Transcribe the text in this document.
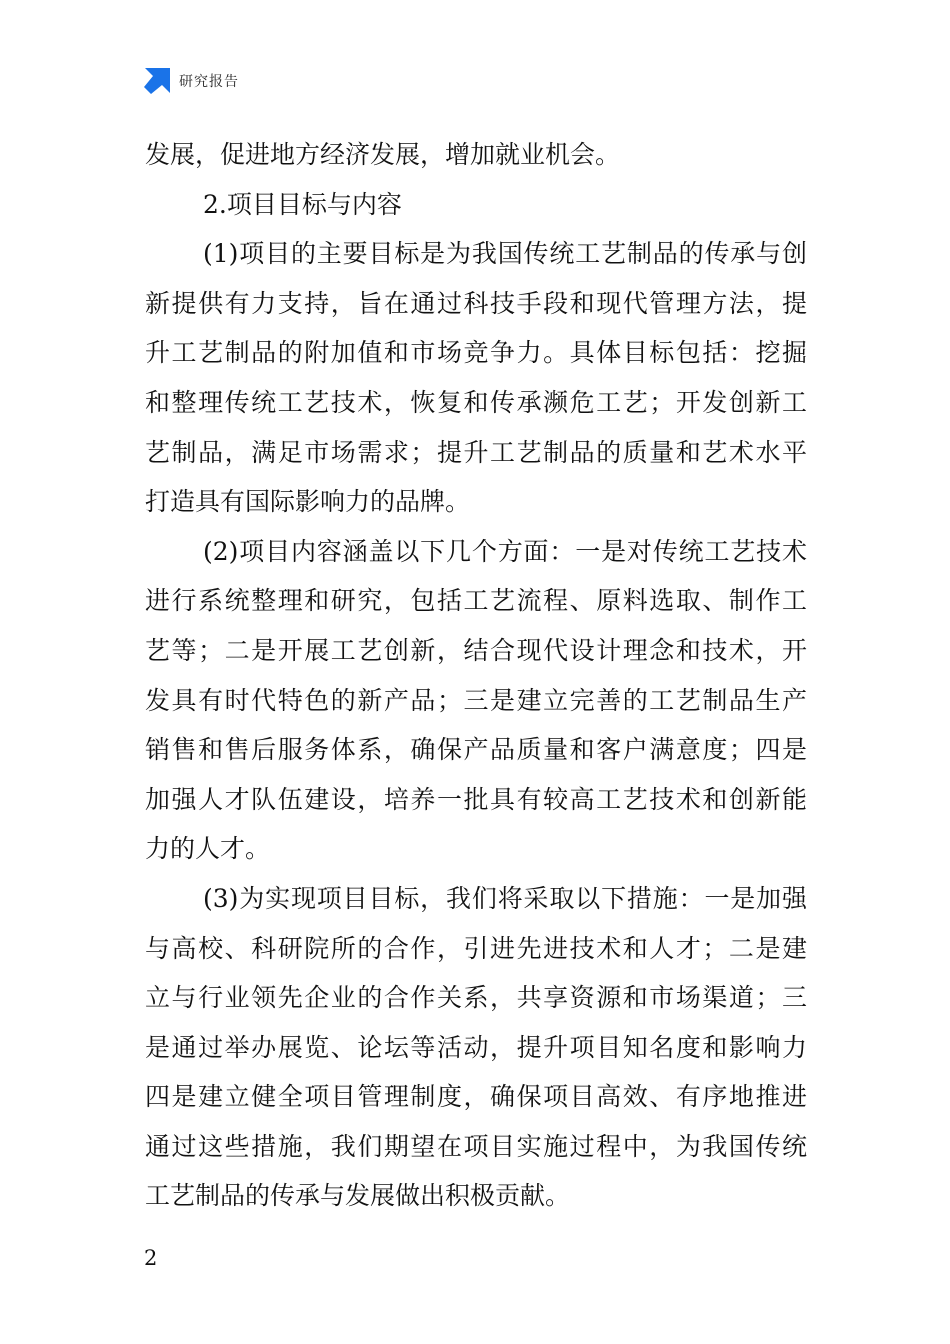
研究报告
发展，促进地方经济发展，增加就业机会。
2.项目目标与内容
(1)项目的主要目标是为我国传统工艺制品的传承与创
新提供有力支持，旨在通过科技手段和现代管理方法，提
升工艺制品的附加值和市场竞争力。具体目标包括：挖掘
和整理传统工艺技术，恢复和传承濒危工艺；开发创新工
艺制品，满足市场需求；提升工艺制品的质量和艺术水平
打造具有国际影响力的品牌。
(2)项目内容涵盖以下几个方面：一是对传统工艺技术
进行系统整理和研究，包括工艺流程、原料选取、制作工
艺等；二是开展工艺创新，结合现代设计理念和技术，开
发具有时代特色的新产品；三是建立完善的工艺制品生产
销售和售后服务体系，确保产品质量和客户满意度；四是
加强人才队伍建设，培养一批具有较高工艺技术和创新能
力的人才。
(3)为实现项目目标，我们将采取以下措施：一是加强
与高校、科研院所的合作，引进先进技术和人才；二是建
立与行业领先企业的合作关系，共享资源和市场渠道；三
是通过举办展览、论坛等活动，提升项目知名度和影响力
四是建立健全项目管理制度，确保项目高效、有序地推进
通过这些措施，我们期望在项目实施过程中，为我国传统
工艺制品的传承与发展做出积极贡献。
2
